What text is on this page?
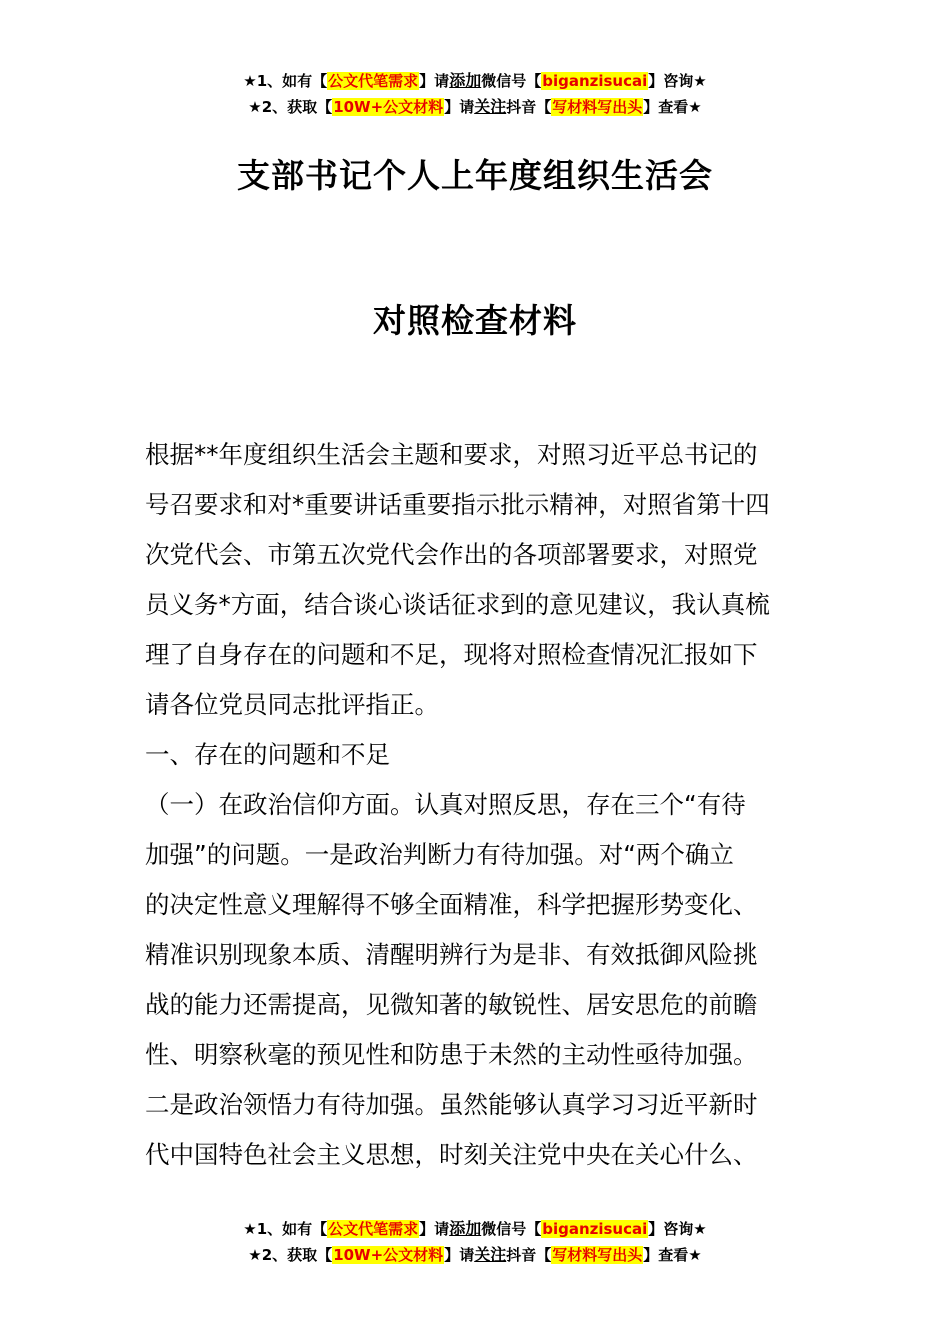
★1、如有【公文代笔需求】请添加微信号【biganzisucai】咨询★
★2、获取【10W+公文材料】请关注抖音【写材料写出头】查看★
支部书记个人上年度组织生活会
对照检查材料
根据**年度组织生活会主题和要求，对照习近平总书记的
号召要求和对*重要讲话重要指示批示精神，对照省第十四
次党代会、市第五次党代会作出的各项部署要求，对照党
员义务*方面，结合谈心谈话征求到的意见建议，我认真梳
理了自身存在的问题和不足，现将对照检查情况汇报如下
请各位党员同志批评指正。
一、存在的问题和不足
（一）在政治信仰方面。认真对照反思，存在三个“有待
加强”的问题。一是政治判断力有待加强。对“两个确立
的决定性意义理解得不够全面精准，科学把握形势变化、
精准识别现象本质、清醒明辨行为是非、有效抵御风险挑
战的能力还需提高，见微知著的敏锐性、居安思危的前瞻
性、明察秋毫的预见性和防患于未然的主动性亟待加强。
二是政治领悟力有待加强。虽然能够认真学习习近平新时
代中国特色社会主义思想，时刻关注党中央在关心什么、
★1、如有【公文代笔需求】请添加微信号【biganzisucai】咨询★
★2、获取【10W+公文材料】请关注抖音【写材料写出头】查看★
